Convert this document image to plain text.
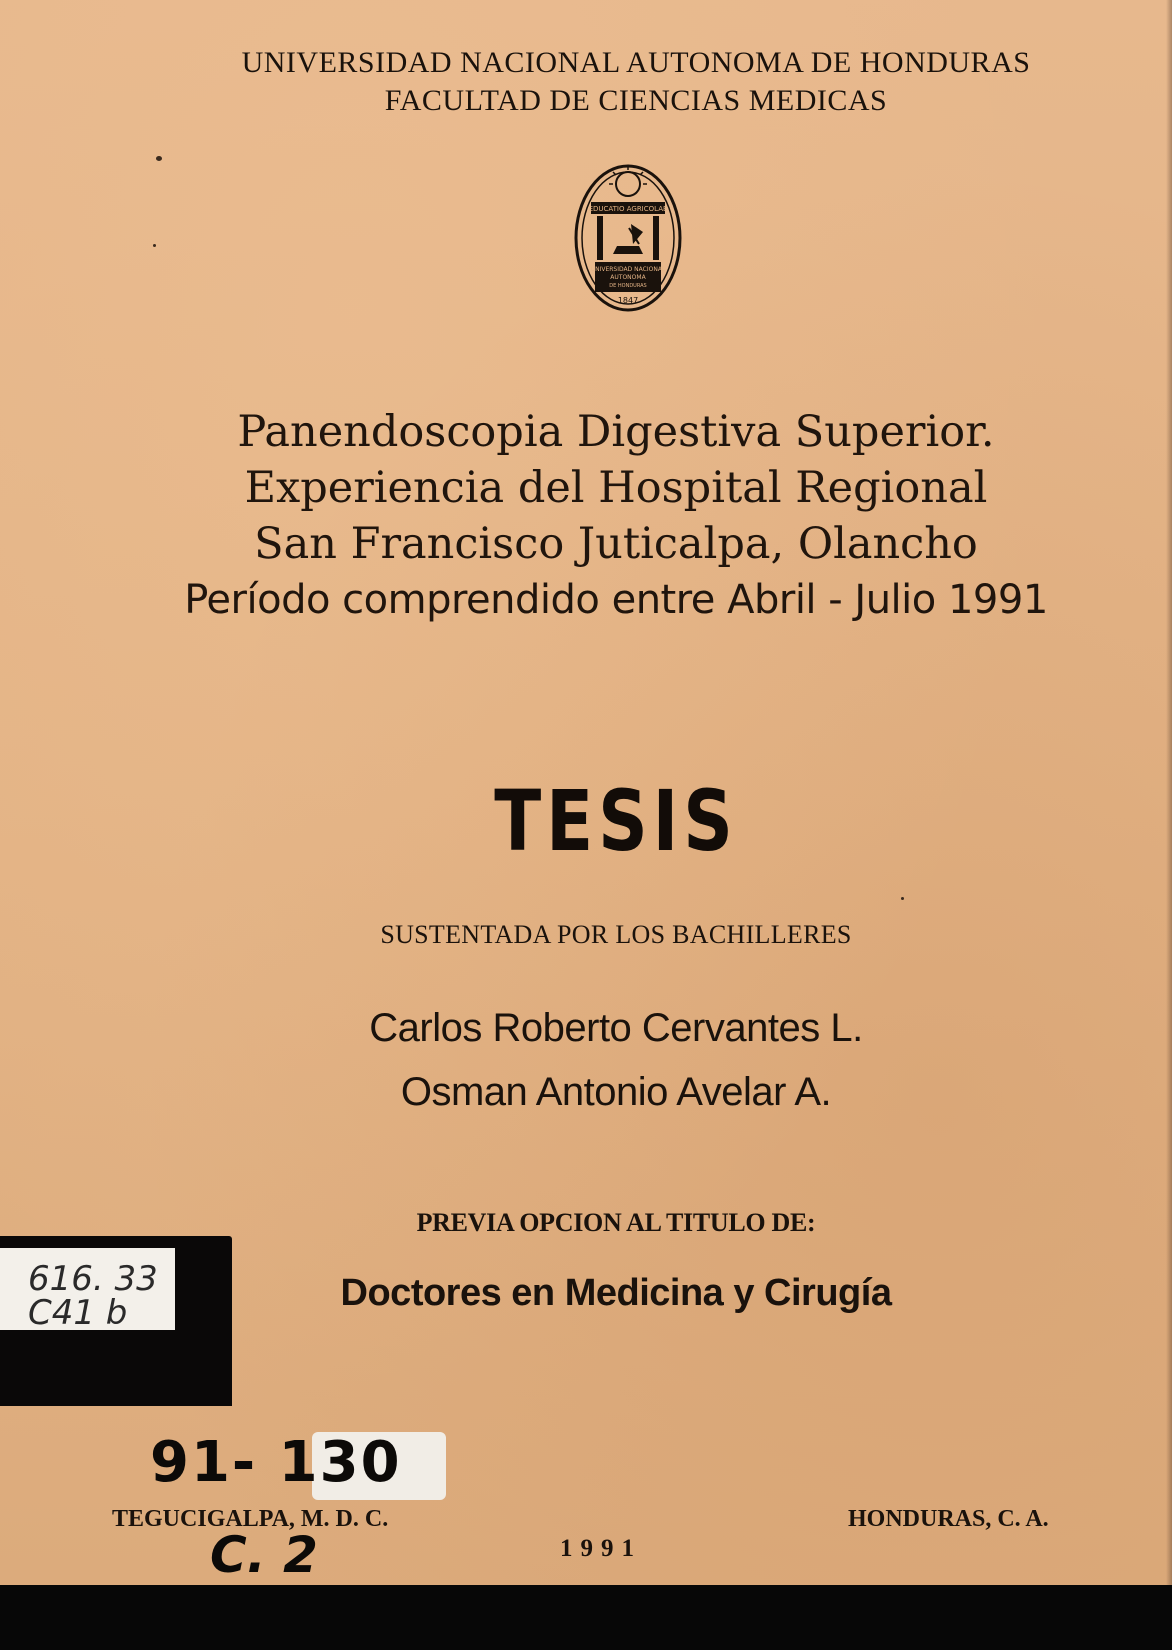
UNIVERSIDAD NACIONAL AUTONOMA DE HONDURAS
FACULTAD DE CIENCIAS MEDICAS
EDUCATIO AGRICOLAE
UNIVERSIDAD NACIONAL
AUTONOMA
DE HONDURAS
1847
Panendoscopia Digestiva Superior.
Experiencia del Hospital Regional
San Francisco Juticalpa, Olancho
Período comprendido entre Abril - Julio 1991
TESIS
SUSTENTADA POR LOS BACHILLERES
Carlos Roberto Cervantes L.
Osman Antonio Avelar A.
PREVIA OPCION AL TITULO DE:
Doctores en Medicina y Cirugía
616. 33
C41 b
91- 130
TEGUCIGALPA, M. D. C.
C. 2	1991
HONDURAS, C. A.
